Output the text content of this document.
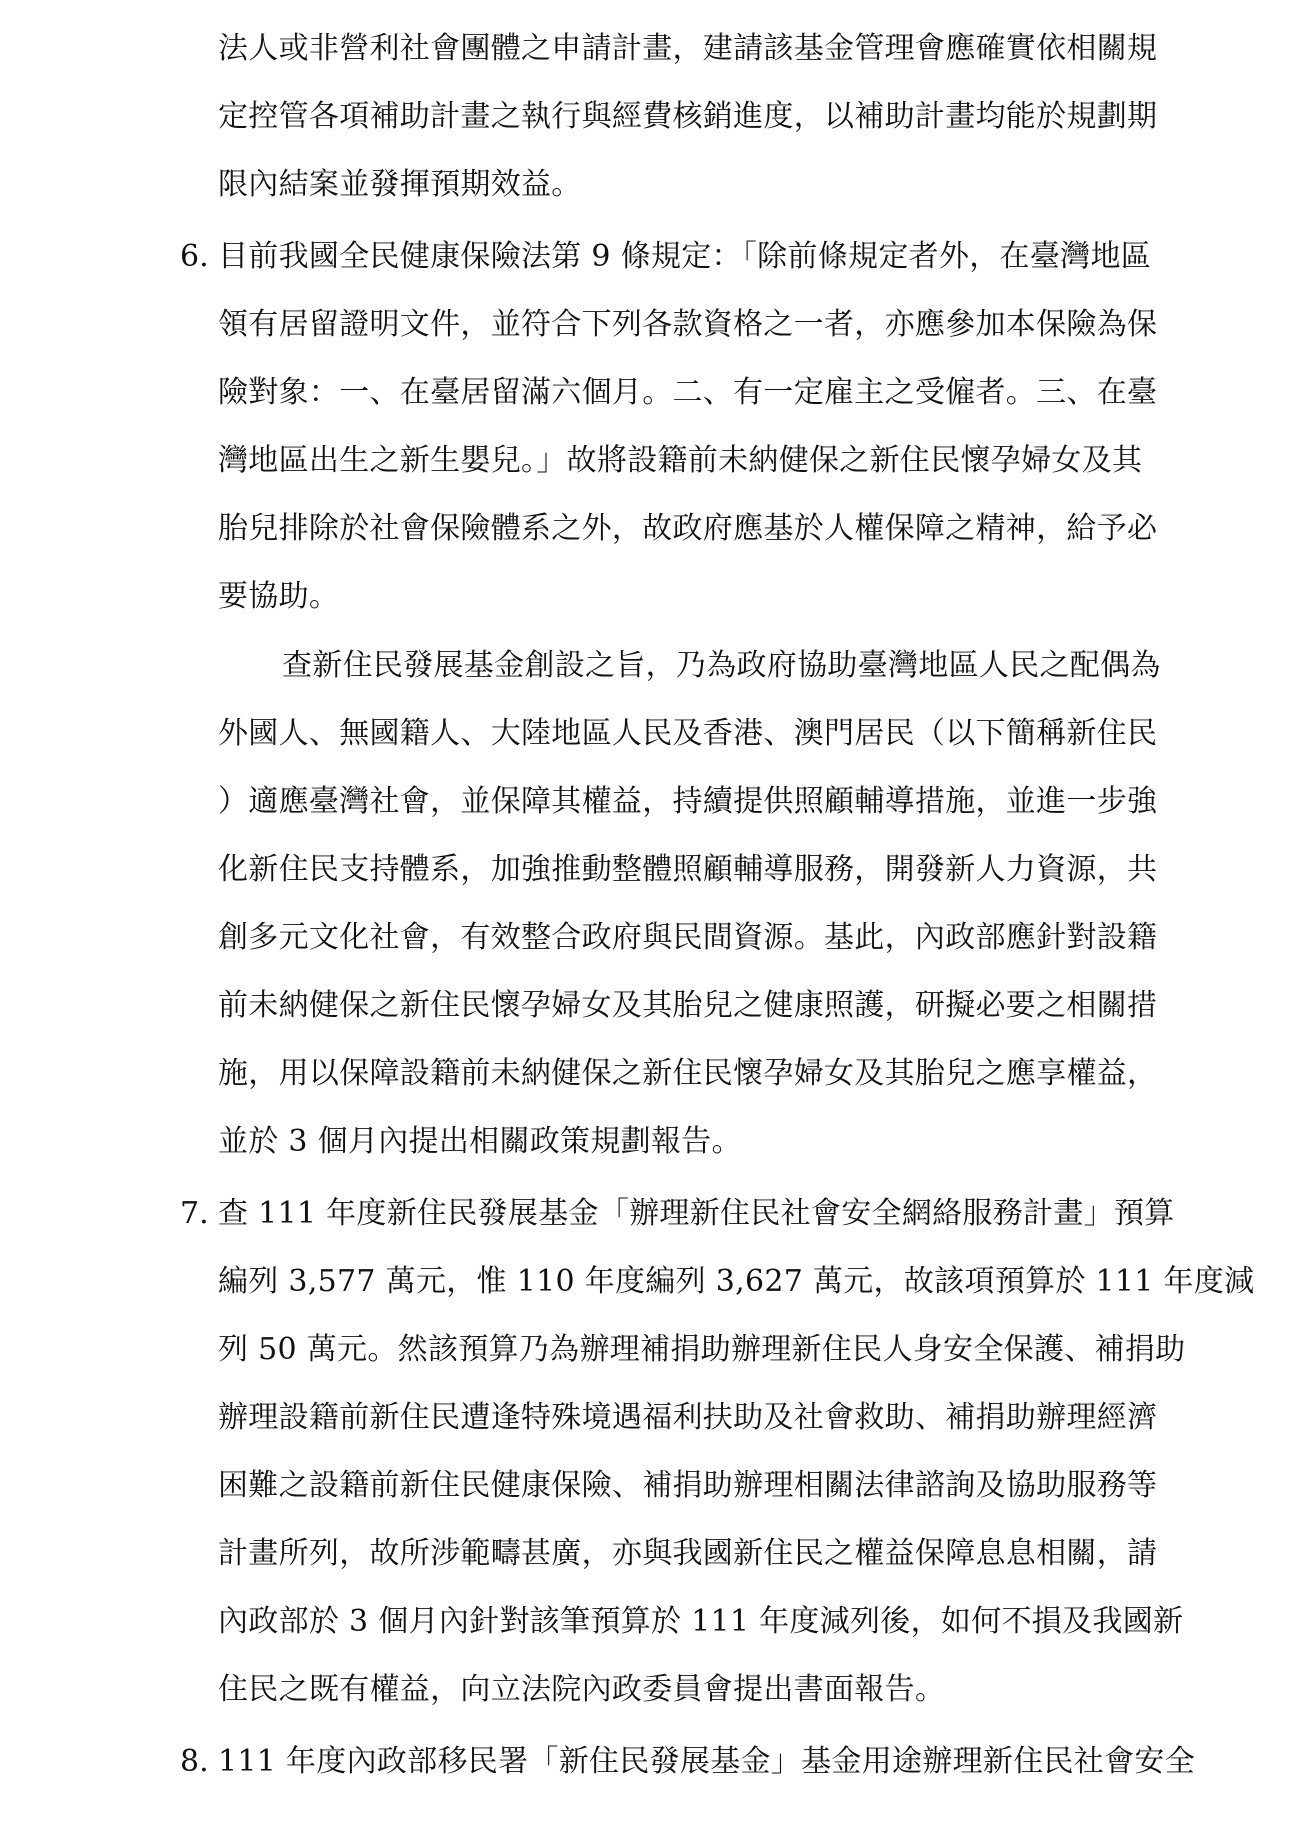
法人或非營利社會團體之申請計畫，建請該基金管理會應確實依相關規
定控管各項補助計畫之執行與經費核銷進度，以補助計畫均能於規劃期
限內結案並發揮預期效益。
6. 目前我國全民健康保險法第 9 條規定：「除前條規定者外，在臺灣地區
領有居留證明文件，並符合下列各款資格之一者，亦應參加本保險為保
險對象：一、在臺居留滿六個月。二、有一定雇主之受僱者。三、在臺
灣地區出生之新生嬰兒。」故將設籍前未納健保之新住民懷孕婦女及其
胎兒排除於社會保險體系之外，故政府應基於人權保障之精神，給予必
要協助。
查新住民發展基金創設之旨，乃為政府協助臺灣地區人民之配偶為
外國人、無國籍人、大陸地區人民及香港、澳門居民（以下簡稱新住民
）適應臺灣社會，並保障其權益，持續提供照顧輔導措施，並進一步強
化新住民支持體系，加強推動整體照顧輔導服務，開發新人力資源，共
創多元文化社會，有效整合政府與民間資源。基此，內政部應針對設籍
前未納健保之新住民懷孕婦女及其胎兒之健康照護，研擬必要之相關措
施，用以保障設籍前未納健保之新住民懷孕婦女及其胎兒之應享權益，
並於 3 個月內提出相關政策規劃報告。
7. 查 111 年度新住民發展基金「辦理新住民社會安全網絡服務計畫」預算
編列 3,577 萬元，惟 110 年度編列 3,627 萬元，故該項預算於 111 年度減
列 50 萬元。然該預算乃為辦理補捐助辦理新住民人身安全保護、補捐助
辦理設籍前新住民遭逢特殊境遇福利扶助及社會救助、補捐助辦理經濟
困難之設籍前新住民健康保險、補捐助辦理相關法律諮詢及協助服務等
計畫所列，故所涉範疇甚廣，亦與我國新住民之權益保障息息相關，請
內政部於 3 個月內針對該筆預算於 111 年度減列後，如何不損及我國新
住民之既有權益，向立法院內政委員會提出書面報告。
8. 111 年度內政部移民署「新住民發展基金」基金用途辦理新住民社會安全
